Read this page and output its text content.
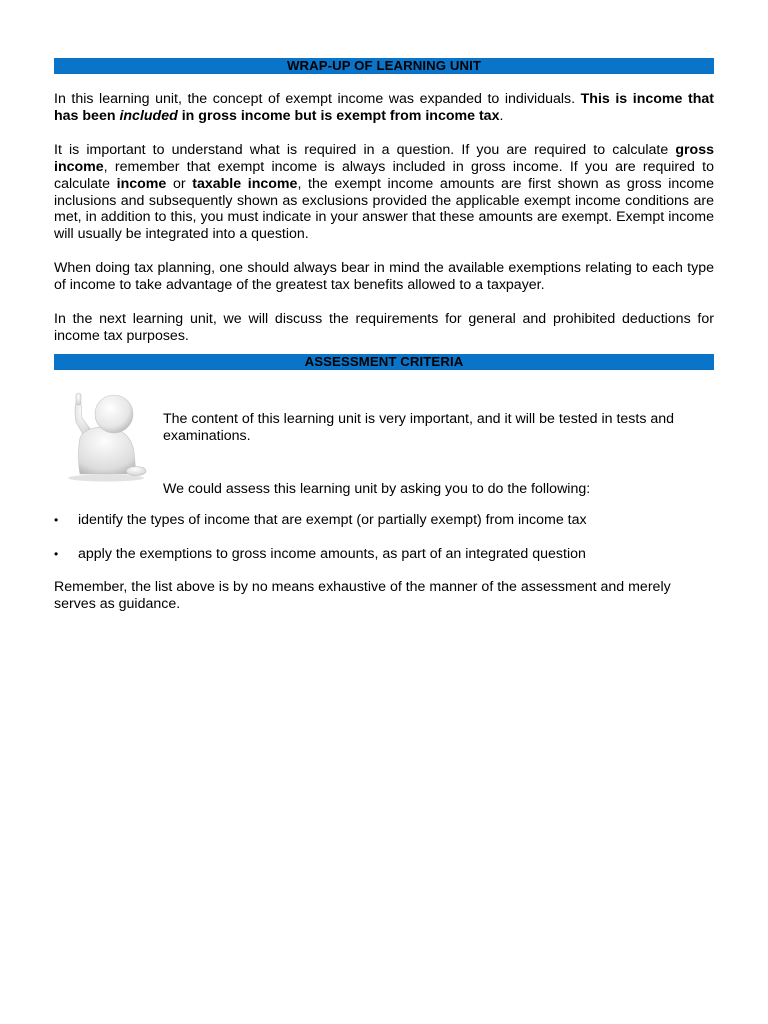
WRAP-UP OF LEARNING UNIT

In this learning unit, the concept of exempt income was expanded to individuals. This is income that has been included in gross income but is exempt from income tax.

It is important to understand what is required in a question. If you are required to calculate gross income, remember that exempt income is always included in gross income. If you are required to calculate income or taxable income, the exempt income amounts are first shown as gross income inclusions and subsequently shown as exclusions provided the applicable exempt income conditions are met, in addition to this, you must indicate in your answer that these amounts are exempt. Exempt income will usually be integrated into a question.

When doing tax planning, one should always bear in mind the available exemptions relating to each type of income to take advantage of the greatest tax benefits allowed to a taxpayer.

In the next learning unit, we will discuss the requirements for general and prohibited deductions for income tax purposes.

ASSESSMENT CRITERIA

The content of this learning unit is very important, and it will be tested in tests and examinations.

We could assess this learning unit by asking you to do the following:

• identify the types of income that are exempt (or partially exempt) from income tax
• apply the exemptions to gross income amounts, as part of an integrated question

Remember, the list above is by no means exhaustive of the manner of the assessment and merely serves as guidance.
